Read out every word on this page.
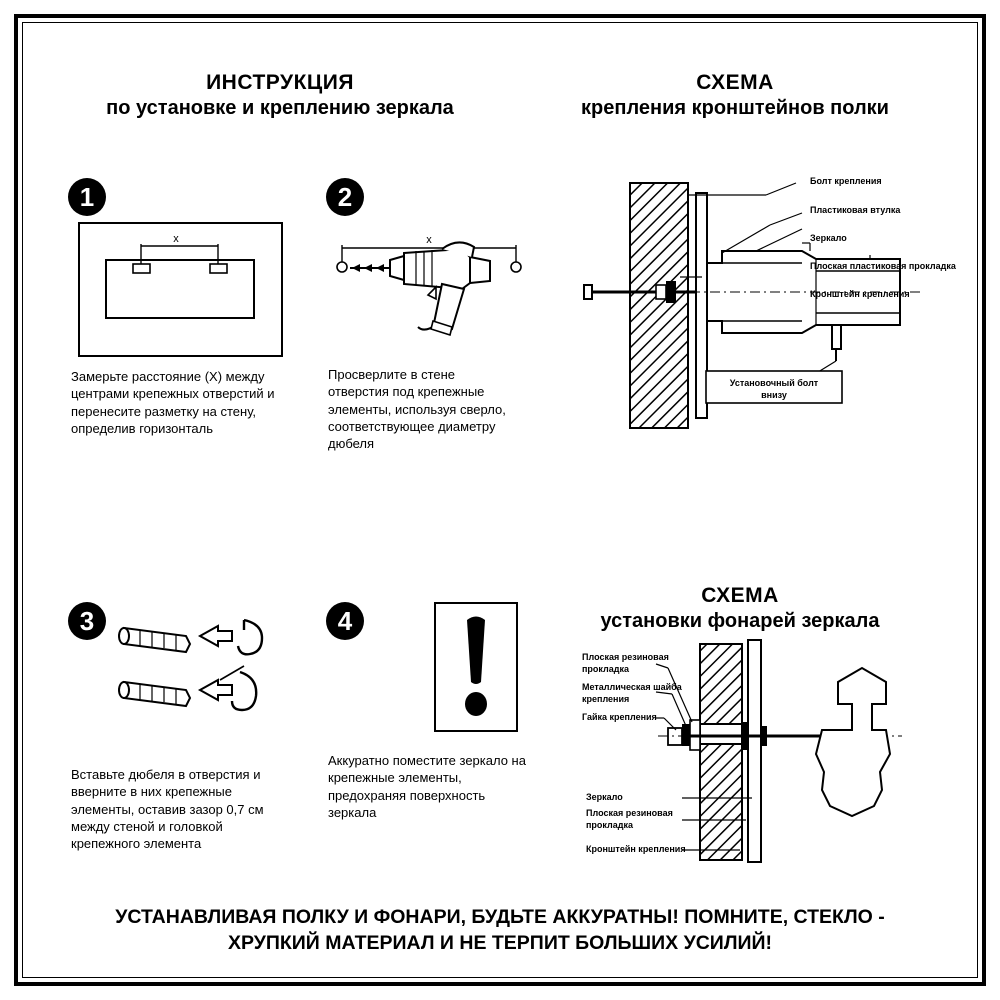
ИНСТРУКЦИЯ
по установке и креплению зеркала
СХЕМА
крепления кронштейнов полки
СХЕМА
установки фонарей зеркала
1	2
3	4
x	x
Болт крепления
Пластиковая втулка
Зеркало
Плоская пластиковая прокладка
Кронштейн крепления
Установочный болт
внизу
Плоская резиновая
прокладка
Металлическая шайба
крепления
Гайка крепления
Зеркало
Плоская резиновая
прокладка
Кронштейн крепления
Замерьте расстояние (X) между центрами крепежных отверстий и перенесите разметку на стену, определив горизонталь
Просверлите в стене отверстия под крепежные элементы, используя сверло, соответствующее диаметру дюбеля
Вставьте дюбеля в отверстия и вверните в них крепежные элементы, оставив зазор 0,7 см между стеной и головкой крепежного элемента
Аккуратно поместите зеркало на крепежные элементы, предохраняя поверхность зеркала
УСТАНАВЛИВАЯ ПОЛКУ И ФОНАРИ, БУДЬТЕ АККУРАТНЫ! ПОМНИТЕ, СТЕКЛО -
ХРУПКИЙ МАТЕРИАЛ И НЕ ТЕРПИТ БОЛЬШИХ УСИЛИЙ!
